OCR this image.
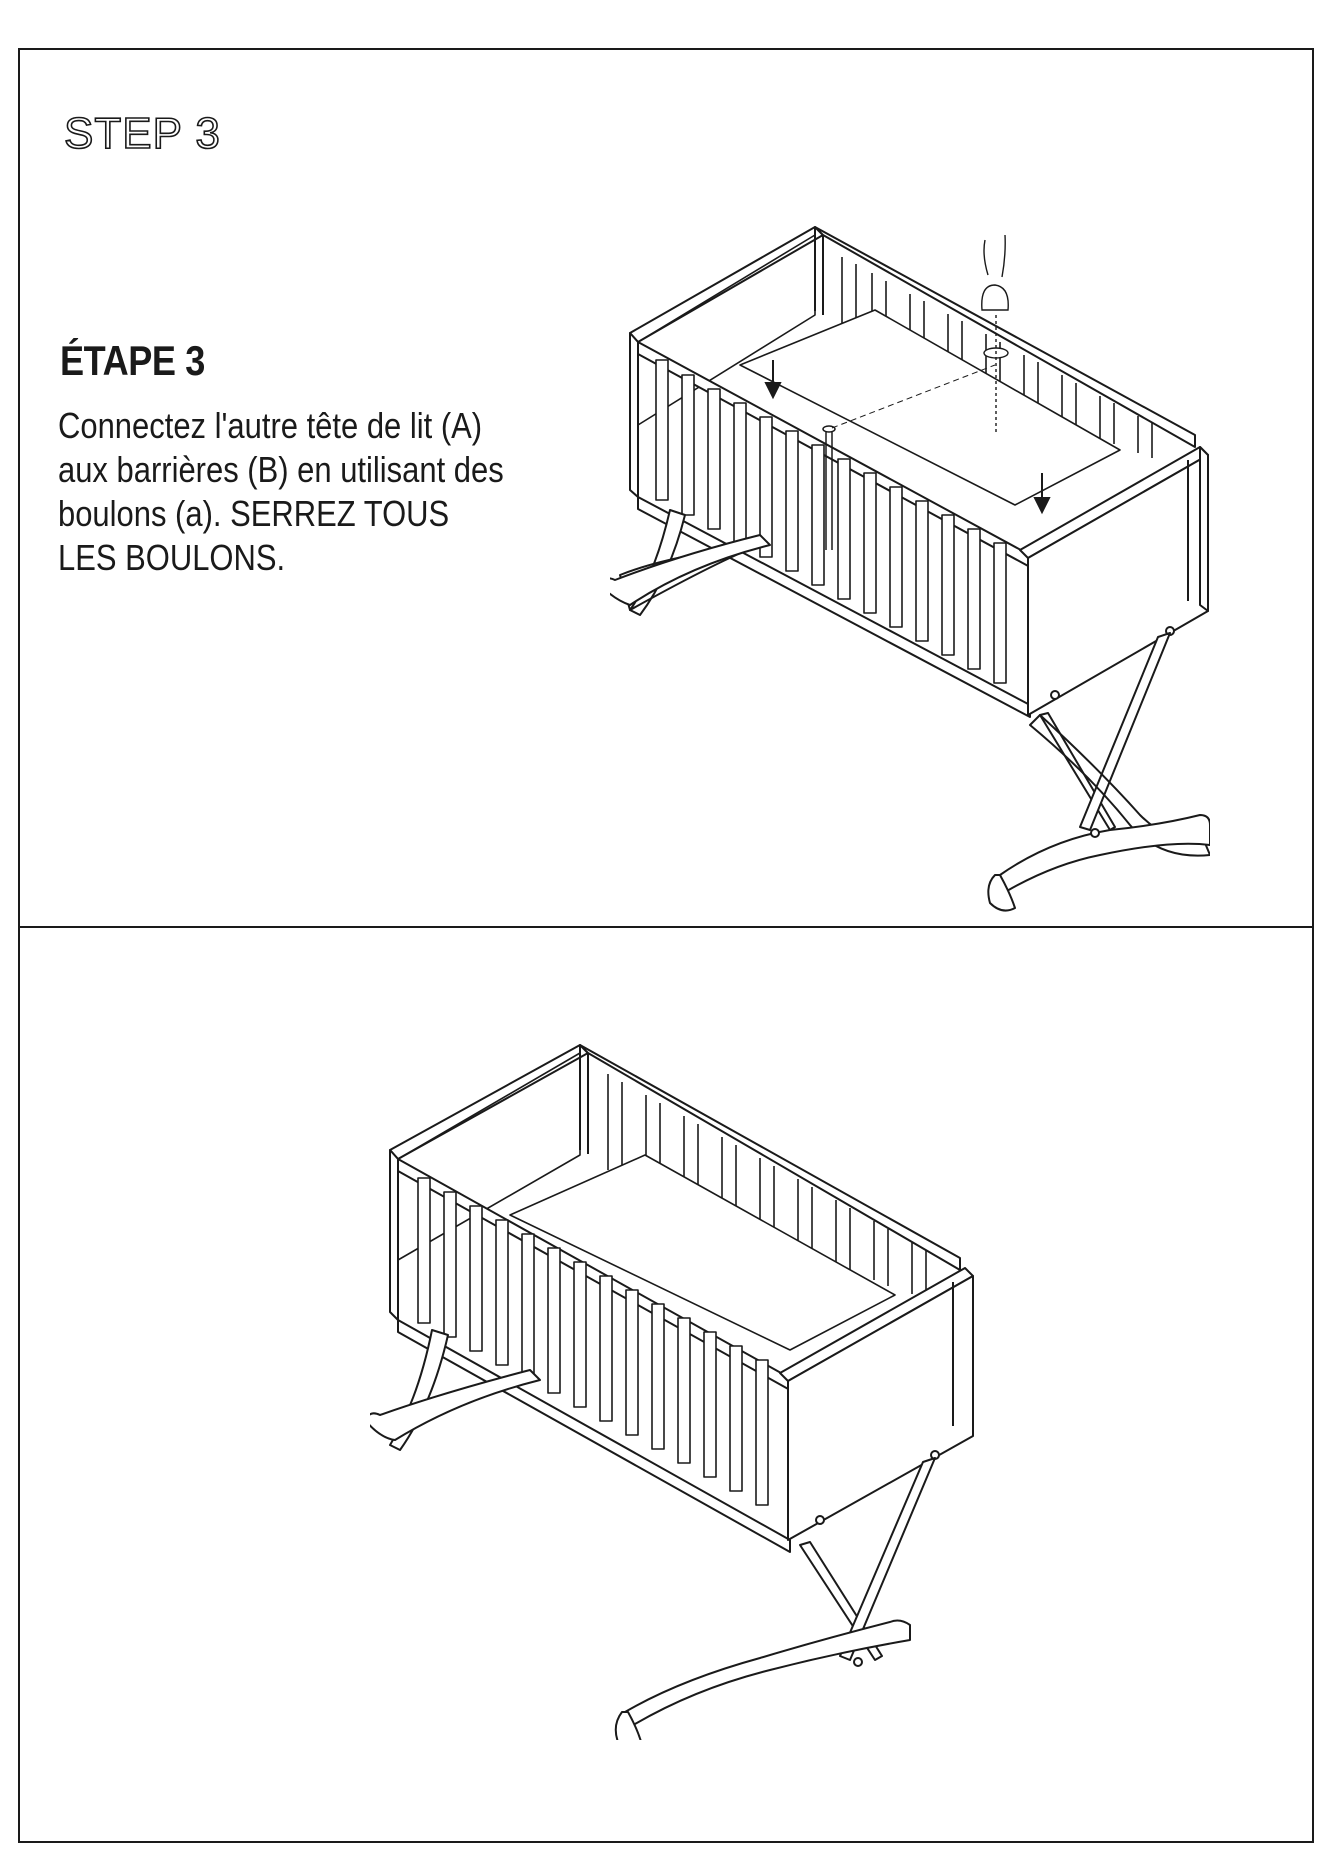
STEP 3
ÉTAPE 3

Connectez l'autre tête de lit (A)
aux barrières (B) en utilisant des
boulons (a). SERREZ TOUS
LES BOULONS.
